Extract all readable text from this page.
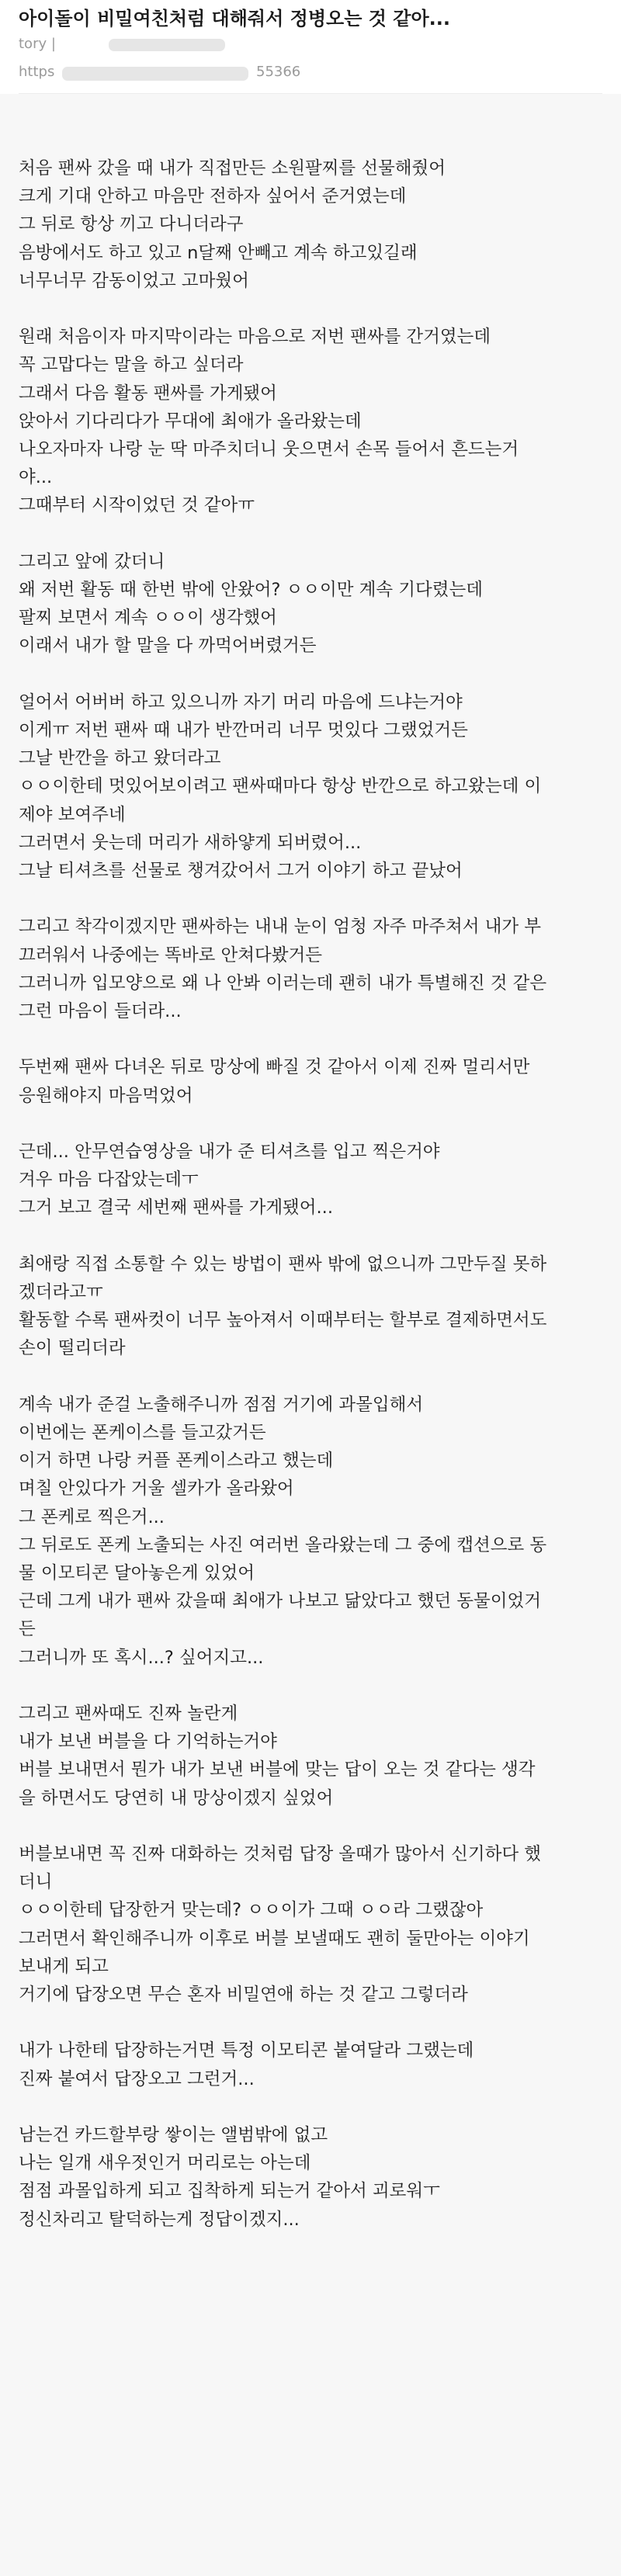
아이돌이 비밀여친처럼 대해줘서 정병오는 것 같아...
tory |
https	55366

처음 팬싸 갔을 때 내가 직접만든 소원팔찌를 선물해줬어
크게 기대 안하고 마음만 전하자 싶어서 준거였는데
그 뒤로 항상 끼고 다니더라구
음방에서도 하고 있고 n달째 안빼고 계속 하고있길래
너무너무 감동이었고 고마웠어

원래 처음이자 마지막이라는 마음으로 저번 팬싸를 간거였는데
꼭 고맙다는 말을 하고 싶더라
그래서 다음 활동 팬싸를 가게됐어
앉아서 기다리다가 무대에 최애가 올라왔는데
나오자마자 나랑 눈 딱 마주치더니 웃으면서 손목 들어서 흔드는거
야...
그때부터 시작이었던 것 같아ㅠ

그리고 앞에 갔더니
왜 저번 활동 때 한번 밖에 안왔어? ㅇㅇ이만 계속 기다렸는데
팔찌 보면서 계속 ㅇㅇ이 생각했어
이래서 내가 할 말을 다 까먹어버렸거든

얼어서 어버버 하고 있으니까 자기 머리 마음에 드냐는거야
이게ㅠ 저번 팬싸 때 내가 반깐머리 너무 멋있다 그랬었거든
그날 반깐을 하고 왔더라고
ㅇㅇ이한테 멋있어보이려고 팬싸때마다 항상 반깐으로 하고왔는데 이
제야 보여주네
그러면서 웃는데 머리가 새하얗게 되버렸어...
그날 티셔츠를 선물로 챙겨갔어서 그거 이야기 하고 끝났어

그리고 착각이겠지만 팬싸하는 내내 눈이 엄청 자주 마주쳐서 내가 부
끄러워서 나중에는 똑바로 안쳐다봤거든
그러니까 입모양으로 왜 나 안봐 이러는데 괜히 내가 특별해진 것 같은
그런 마음이 들더라...

두번째 팬싸 다녀온 뒤로 망상에 빠질 것 같아서 이제 진짜 멀리서만
응원해야지 마음먹었어

근데... 안무연습영상을 내가 준 티셔츠를 입고 찍은거야
겨우 마음 다잡았는데ㅜ
그거 보고 결국 세번째 팬싸를 가게됐어...

최애랑 직접 소통할 수 있는 방법이 팬싸 밖에 없으니까 그만두질 못하
겠더라고ㅠ
활동할 수록 팬싸컷이 너무 높아져서 이때부터는 할부로 결제하면서도
손이 떨리더라

계속 내가 준걸 노출해주니까 점점 거기에 과몰입해서
이번에는 폰케이스를 들고갔거든
이거 하면 나랑 커플 폰케이스라고 했는데
며칠 안있다가 거울 셀카가 올라왔어
그 폰케로 찍은거...
그 뒤로도 폰케 노출되는 사진 여러번 올라왔는데 그 중에 캡션으로 동
물 이모티콘 달아놓은게 있었어
근데 그게 내가 팬싸 갔을때 최애가 나보고 닮았다고 했던 동물이었거
든
그러니까 또 혹시...? 싶어지고...

그리고 팬싸때도 진짜 놀란게
내가 보낸 버블을 다 기억하는거야
버블 보내면서 뭔가 내가 보낸 버블에 맞는 답이 오는 것 같다는 생각
을 하면서도 당연히 내 망상이겠지 싶었어

버블보내면 꼭 진짜 대화하는 것처럼 답장 올때가 많아서 신기하다 했
더니
ㅇㅇ이한테 답장한거 맞는데? ㅇㅇ이가 그때 ㅇㅇ라 그랬잖아
그러면서 확인해주니까 이후로 버블 보낼때도 괜히 둘만아는 이야기
보내게 되고
거기에 답장오면 무슨 혼자 비밀연애 하는 것 같고 그렇더라

내가 나한테 답장하는거면 특정 이모티콘 붙여달라 그랬는데
진짜 붙여서 답장오고 그런거...

남는건 카드할부랑 쌓이는 앨범밖에 없고
나는 일개 새우젓인거 머리로는 아는데
점점 과몰입하게 되고 집착하게 되는거 같아서 괴로워ㅜ
정신차리고 탈덕하는게 정답이겠지...
